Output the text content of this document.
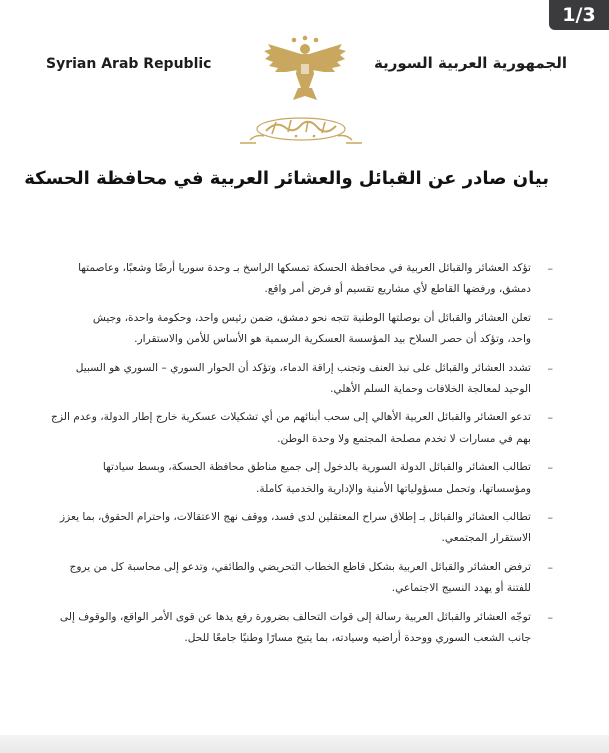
1/3
Syrian Arab Republic	الجمهورية العربية السورية
بيان صادر عن القبائل والعشائر العربية في محافظة الحسكة
–
تؤكد العشائر والقبائل العربية في محافظة الحسكة تمسكها الراسخ بـ وحدة سوريا أرضًا وشعبًا، وعاصمتها
دمشق، ورفضها القاطع لأي مشاريع تقسيم أو فرض أمر واقع.
–
تعلن العشائر والقبائل أن بوصلتها الوطنية تتجه نحو دمشق، ضمن رئيس واحد، وحكومة واحدة، وجيش
واحد، وتؤكد أن حصر السلاح بيد المؤسسة العسكرية الرسمية هو الأساس للأمن والاستقرار.
–
تشدد العشائر والقبائل على نبذ العنف وتجنب إراقة الدماء، وتؤكد أن الحوار السوري – السوري هو السبيل
الوحيد لمعالجة الخلافات وحماية السلم الأهلي.
–
تدعو العشائر والقبائل العربية الأهالي إلى سحب أبنائهم من أي تشكيلات عسكرية خارج إطار الدولة، وعدم الزج
بهم في مسارات لا تخدم مصلحة المجتمع ولا وحدة الوطن.
–
تطالب العشائر والقبائل الدولة السورية بالدخول إلى جميع مناطق محافظة الحسكة، وبسط سيادتها
ومؤسساتها، وتحمل مسؤولياتها الأمنية والإدارية والخدمية كاملة.
–
تطالب العشائر والقبائل بـ إطلاق سراح المعتقلين لدى قسد، ووقف نهج الاعتقالات، واحترام الحقوق، بما يعزز
الاستقرار المجتمعي.
–
ترفض العشائر والقبائل العربية بشكل قاطع الخطاب التحريضي والطائفي، وتدعو إلى محاسبة كل من يروج
للفتنة أو يهدد النسيج الاجتماعي.
–
توجّه العشائر والقبائل العربية رسالة إلى قوات التحالف بضرورة رفع يدها عن قوى الأمر الواقع، والوقوف إلى
جانب الشعب السوري ووحدة أراضيه وسيادته، بما يتيح مسارًا وطنيًا جامعًا للحل.
